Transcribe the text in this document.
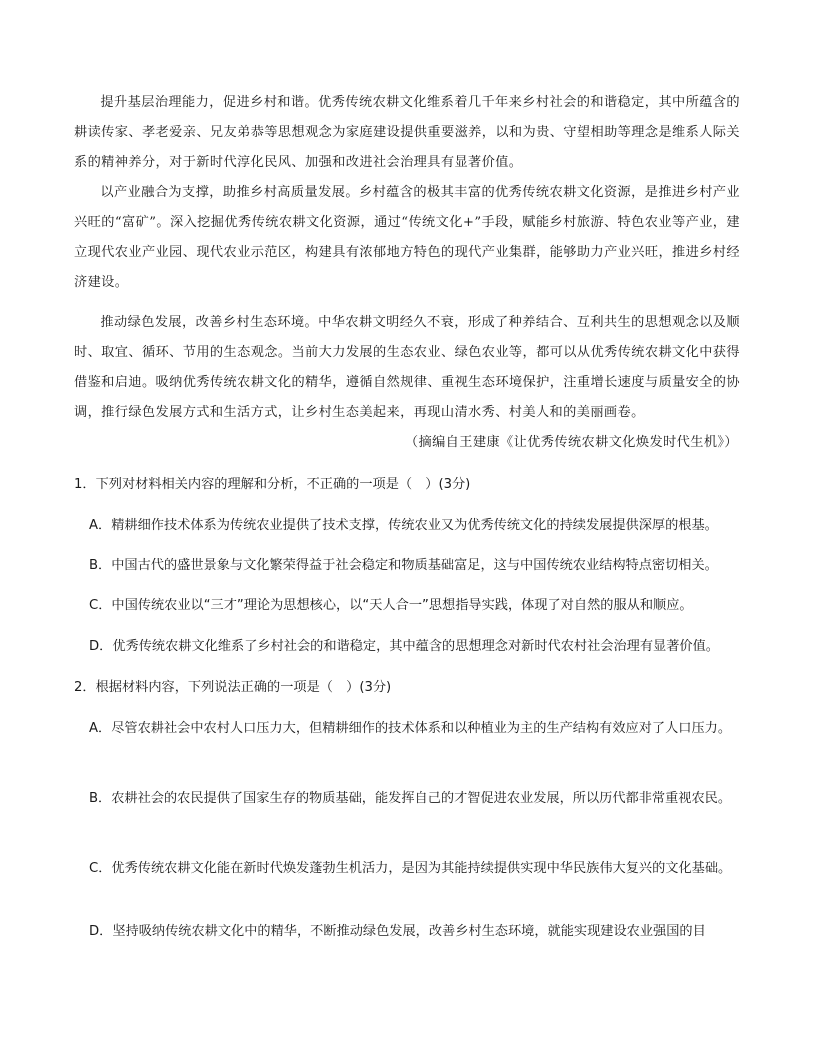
提升基层治理能力，促进乡村和谐。优秀传统农耕文化维系着几千年来乡村社会的和谐稳定，其中所蕴含的耕读传家、孝老爱亲、兄友弟恭等思想观念为家庭建设提供重要滋养，以和为贵、守望相助等理念是维系人际关系的精神养分，对于新时代淳化民风、加强和改进社会治理具有显著价值。

以产业融合为支撑，助推乡村高质量发展。乡村蕴含的极其丰富的优秀传统农耕文化资源，是推进乡村产业兴旺的“富矿”。深入挖掘优秀传统农耕文化资源，通过“传统文化+”手段，赋能乡村旅游、特色农业等产业，建立现代农业产业园、现代农业示范区，构建具有浓郁地方特色的现代产业集群，能够助力产业兴旺，推进乡村经济建设。

推动绿色发展，改善乡村生态环境。中华农耕文明经久不衰，形成了种养结合、互利共生的思想观念以及顺时、取宜、循环、节用的生态观念。当前大力发展的生态农业、绿色农业等，都可以从优秀传统农耕文化中获得借鉴和启迪。吸纳优秀传统农耕文化的精华，遵循自然规律、重视生态环境保护，注重增长速度与质量安全的协调，推行绿色发展方式和生活方式，让乡村生态美起来，再现山清水秀、村美人和的美丽画卷。

（摘编自王建康《让优秀传统农耕文化焕发时代生机》）

1．下列对材料相关内容的理解和分析，不正确的一项是（　）(3分)

A．精耕细作技术体系为传统农业提供了技术支撑，传统农业又为优秀传统文化的持续发展提供深厚的根基。

B．中国古代的盛世景象与文化繁荣得益于社会稳定和物质基础富足，这与中国传统农业结构特点密切相关。

C．中国传统农业以“三才”理论为思想核心，以“天人合一”思想指导实践，体现了对自然的服从和顺应。

D．优秀传统农耕文化维系了乡村社会的和谐稳定，其中蕴含的思想理念对新时代农村社会治理有显著价值。

2．根据材料内容，下列说法正确的一项是（　）(3分)

A．尽管农耕社会中农村人口压力大，但精耕细作的技术体系和以种植业为主的生产结构有效应对了人口压力。

B．农耕社会的农民提供了国家生存的物质基础，能发挥自己的才智促进农业发展，所以历代都非常重视农民。

C．优秀传统农耕文化能在新时代焕发蓬勃生机活力，是因为其能持续提供实现中华民族伟大复兴的文化基础。

D．坚持吸纳传统农耕文化中的精华，不断推动绿色发展，改善乡村生态环境，就能实现建设农业强国的目
